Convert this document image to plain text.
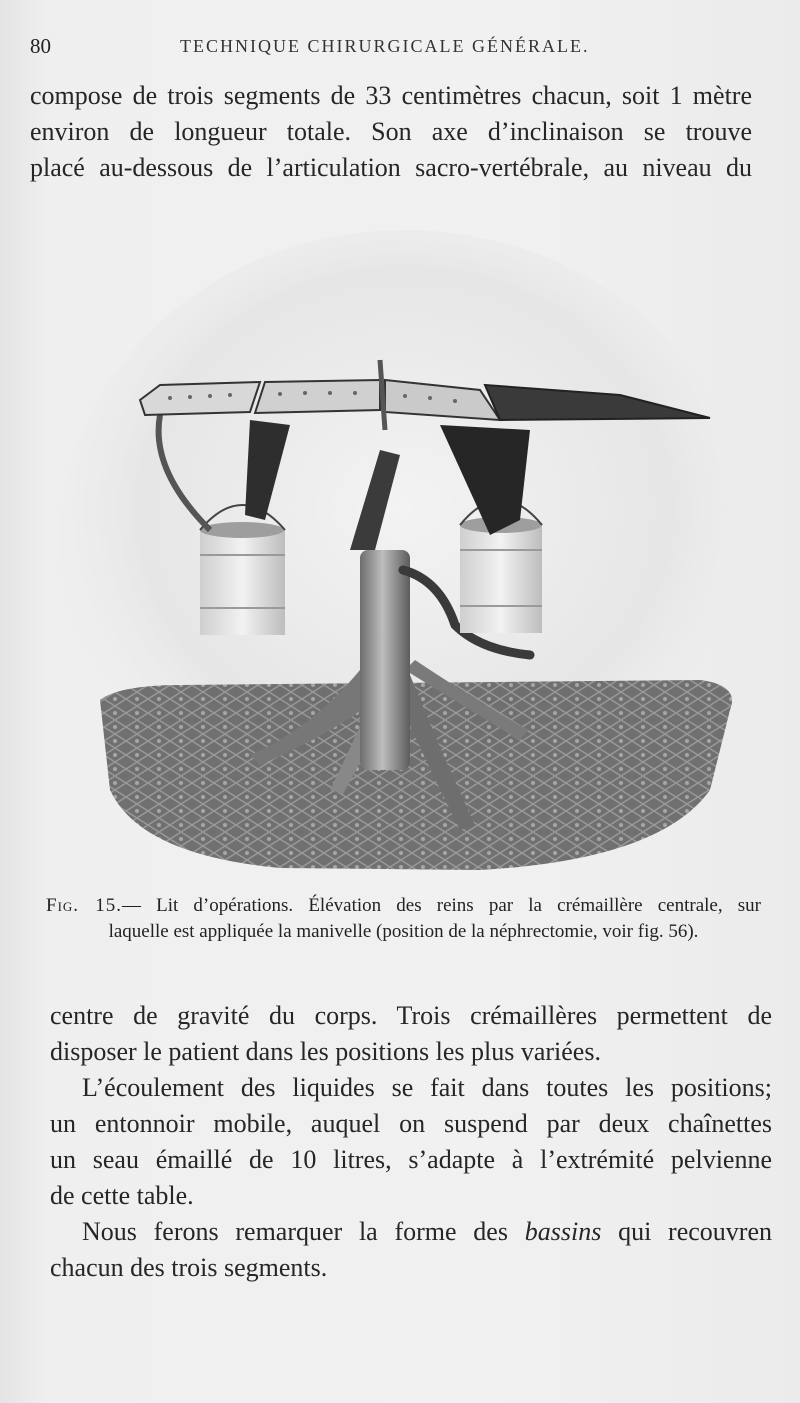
80	TECHNIQUE CHIRURGICALE GÉNÉRALE.
compose de trois segments de 33 centimètres chacun, soit 1 mètre
environ de longueur totale. Son axe d’inclinaison se trouve
placé au-dessous de l’articulation sacro-vertébrale, au niveau du
Fig. 15.— Lit d’opérations. Élévation des reins par la crémaillère centrale, sur
laquelle est appliquée la manivelle (position de la néphrectomie, voir fig. 56).
centre de gravité du corps. Trois crémaillères permettent de
disposer le patient dans les positions les plus variées.
L’écoulement des liquides se fait dans toutes les positions;
un entonnoir mobile, auquel on suspend par deux chaînettes
un seau émaillé de 10 litres, s’adapte à l’extrémité pelvienne
de cette table.
Nous ferons remarquer la forme des bassins qui recouvren
chacun des trois segments.
